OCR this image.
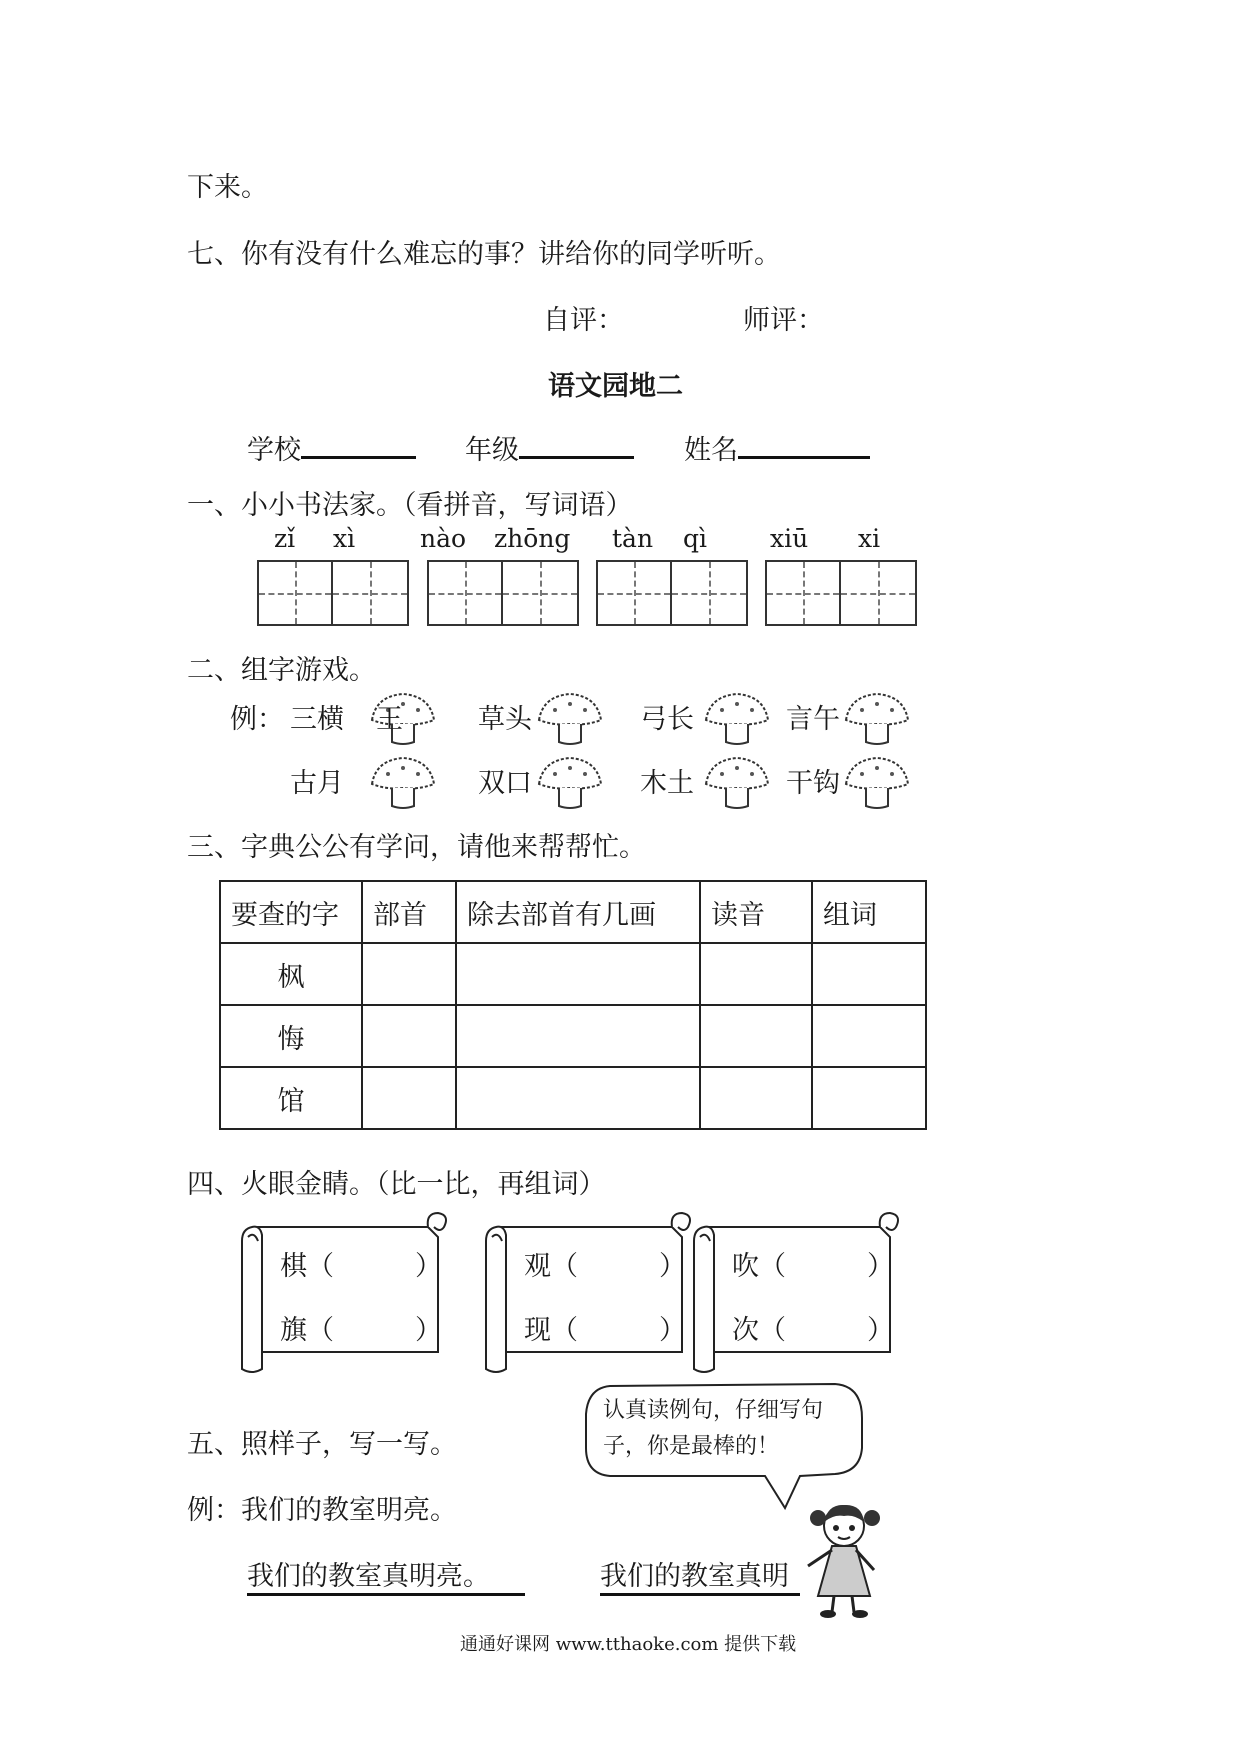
下来。
七、你有没有什么难忘的事？讲给你的同学听听。
自评：	师评：
语文园地二
学校	年级	姓名
一、小小书法家。（看拼音，写词语）
zǐ xì	nào zhōng tàn qì	xiū xi
二、组字游戏。
例： 三横	草头	弓长	言午
古月	双口	木土	干钩
王
三、字典公公有学问，请他来帮帮忙。
要查的字	部首	除去部首有几画	读音	组词
枫				
悔				
馆				
四、火眼金睛。（比一比，再组词）
棋（　　　）
旗（　　　）
观（　　　）
现（　　　）
吹（　　　）
次（　　　）
五、照样子，写一写。
例：我们的教室明亮。
我们的教室真明亮。	我们的教室真明
认真读例句，仔细写句
子，你是最棒的！
通通好课网 www.tthaoke.com 提供下载
